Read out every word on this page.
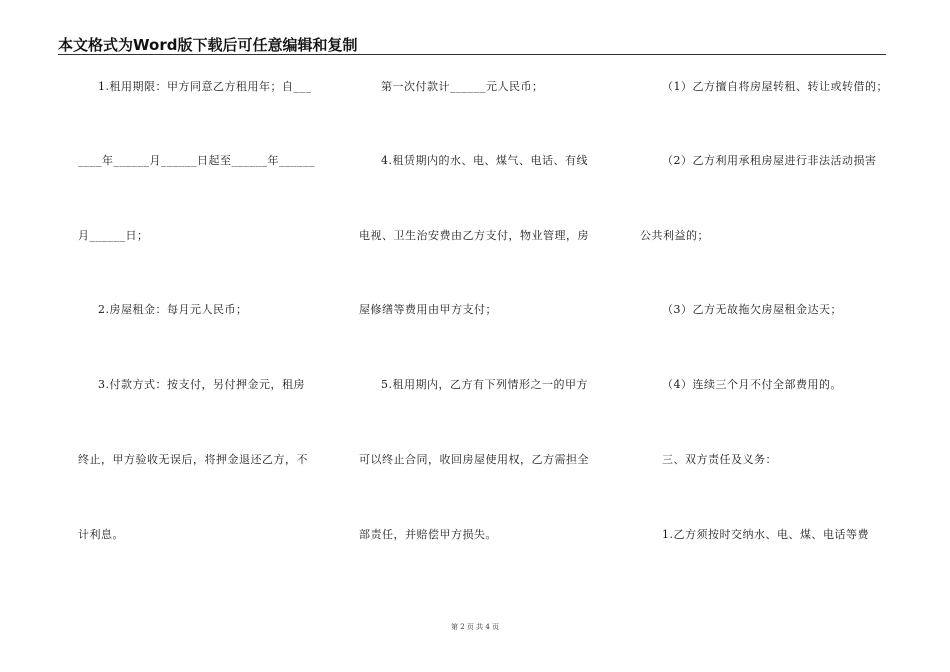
本文格式为Word版下载后可任意编辑和复制
1.租用期限：甲方同意乙方租用年；自___
____年______月______日起至______年______
月______日；
2.房屋租金：每月元人民币；
3.付款方式：按支付，另付押金元，租房
终止，甲方验收无误后，将押金退还乙方，不
计利息。
第一次付款计______元人民币；
4.租赁期内的水、电、煤气、电话、有线
电视、卫生治安费由乙方支付，物业管理，房
屋修缮等费用由甲方支付；
5.租用期内，乙方有下列情形之一的甲方
可以终止合同，收回房屋使用权，乙方需担全
部责任，并赔偿甲方损失。
（1）乙方擅自将房屋转租、转让或转借的；
（2）乙方利用承租房屋进行非法活动损害
公共利益的；
（3）乙方无故拖欠房屋租金达天；
（4）连续三个月不付全部费用的。
三、双方责任及义务：
1.乙方须按时交纳水、电、煤、电话等费
第 2 页 共 4 页
